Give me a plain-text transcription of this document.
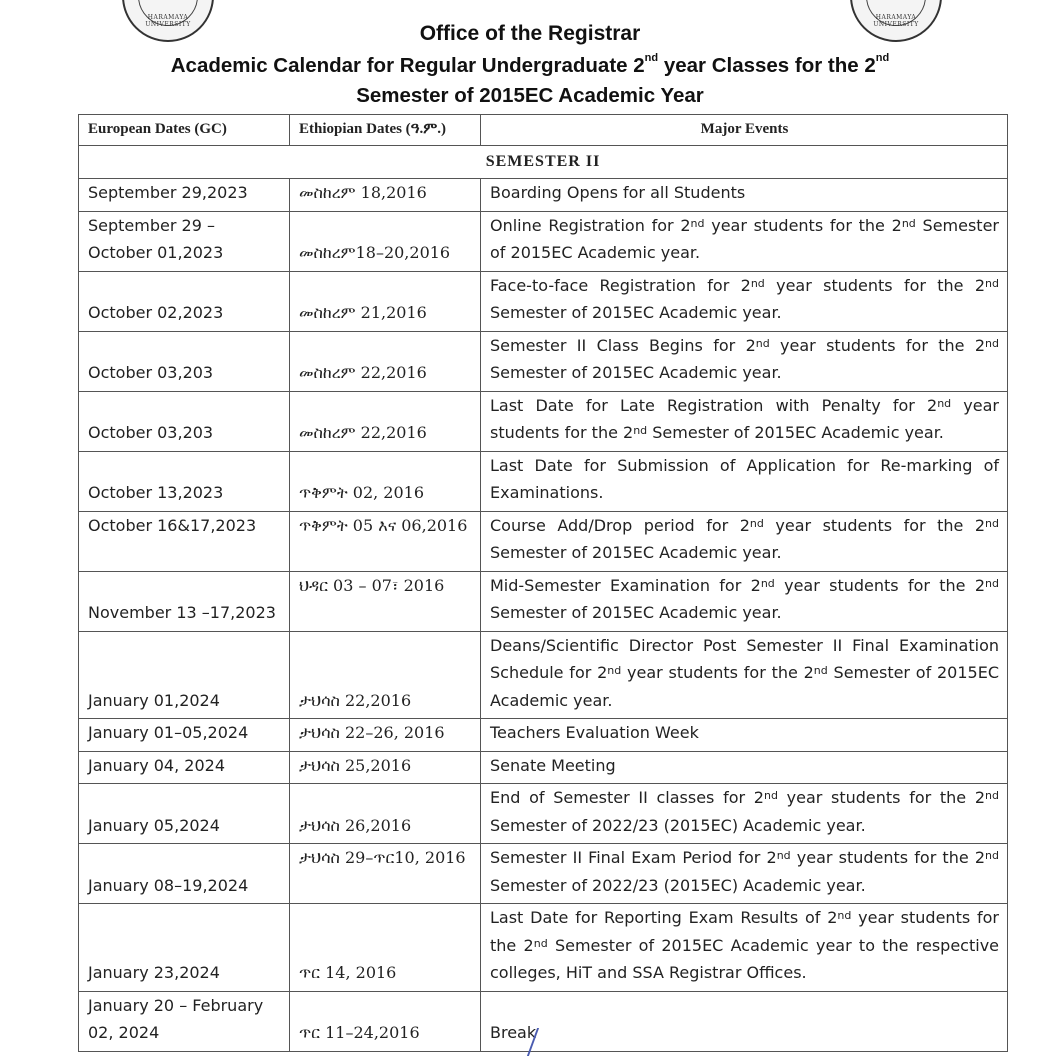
HARAMAYA UNIVERSITY
HARAMAYA UNIVERSITY
Office of the Registrar
Academic Calendar for Regular Undergraduate 2nd year Classes for the 2nd
Semester of 2015EC Academic Year
European Dates (GC)	Ethiopian Dates (ዓ.ም.)	Major Events
SEMESTER II		
September 29,2023	መስከረም 18,2016	Boarding Opens for all Students
September 29 – October 01,2023	መስከረም18–20,2016	Online Registration for 2nd year students for the 2nd Semester of 2015EC Academic year.
October 02,2023	መስከረም 21,2016	Face-to-face Registration for 2nd year students for the 2nd Semester of 2015EC Academic year.
October 03,203	መስከረም 22,2016	Semester II Class Begins for 2nd year students for the 2nd Semester of 2015EC Academic year.
October 03,203	መስከረም 22,2016	Last Date for Late Registration with Penalty for 2nd year students for the 2nd Semester of 2015EC Academic year.
October 13,2023	ጥቅምት 02, 2016	Last Date for Submission of Application for Re-marking of Examinations.
October 16&17,2023	ጥቅምት 05 እና 06,2016	Course Add/Drop period for 2nd year students for the 2nd Semester of 2015EC Academic year.
November 13 –17,2023	ህዳር 03 – 07፣ 2016	Mid-Semester Examination for 2nd year students for the 2nd Semester of 2015EC Academic year.
January 01,2024	ታህሳስ 22,2016	Deans/Scientific Director Post Semester II Final Examination Schedule for 2nd year students for the 2nd Semester of 2015EC Academic year.
January 01–05,2024	ታህሳስ 22–26, 2016	Teachers Evaluation Week
January 04, 2024	ታህሳስ 25,2016	Senate Meeting
January 05,2024	ታህሳስ 26,2016	End of Semester II classes for 2nd year students for the 2nd Semester of 2022/23 (2015EC) Academic year.
January 08–19,2024	ታህሳስ 29–ጥር10, 2016	Semester II Final Exam Period for 2nd year students for the 2nd Semester of 2022/23 (2015EC) Academic year.
January 23,2024	ጥር 14, 2016	Last Date for Reporting Exam Results of 2nd year students for the 2nd Semester of 2015EC Academic year to the respective colleges, HiT and SSA Registrar Offices.
January 20 – February 02, 2024	ጥር 11–24,2016	Break
